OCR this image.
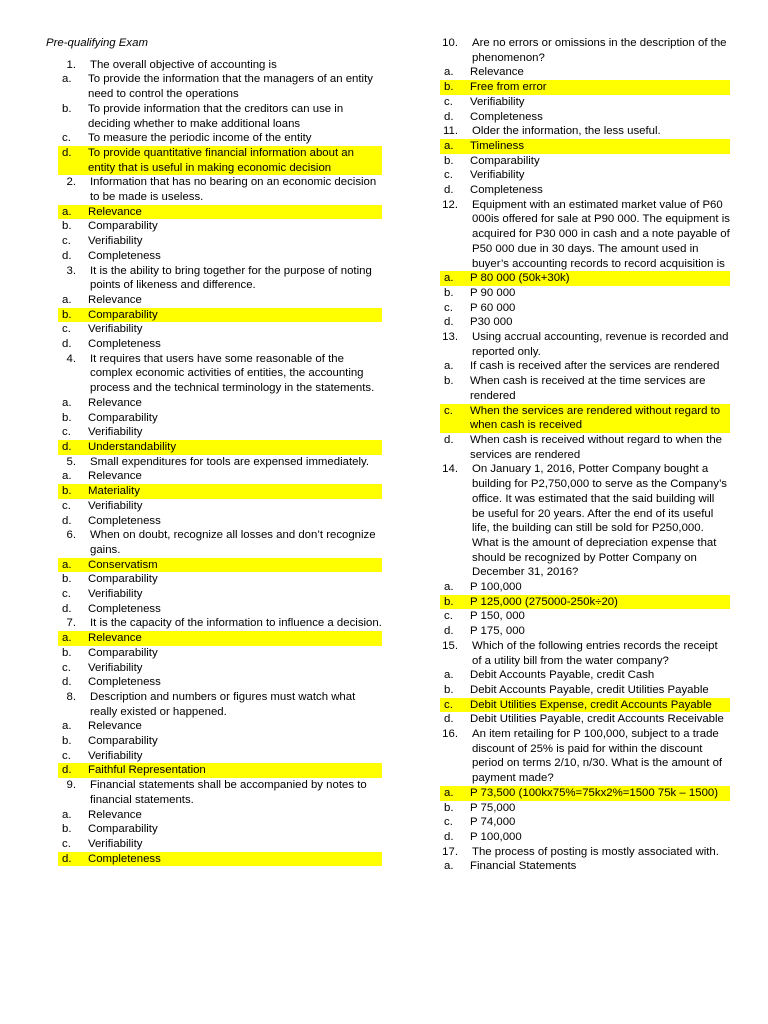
Pre-qualifying Exam
1. The overall objective of accounting is
a. To provide the information that the managers of an entity need to control the operations
b. To provide information that the creditors can use in deciding whether to make additional loans
c. To measure the periodic income of the entity
d. To provide quantitative financial information about an entity that is useful in making economic decision
2. Information that has no bearing on an economic decision to be made is useless.
a. Relevance
b. Comparability
c. Verifiability
d. Completeness
3. It is the ability to bring together for the purpose of noting points of likeness and difference.
a. Relevance
b. Comparability
c. Verifiability
d. Completeness
4. It requires that users have some reasonable of the complex economic activities of entities, the accounting process and the technical terminology in the statements.
a. Relevance
b. Comparability
c. Verifiability
d. Understandability
5. Small expenditures for tools are expensed immediately.
a. Relevance
b. Materiality
c. Verifiability
d. Completeness
6. When on doubt, recognize all losses and don’t recognize gains.
a. Conservatism
b. Comparability
c. Verifiability
d. Completeness
7. It is the capacity of the information to influence a decision.
a. Relevance
b. Comparability
c. Verifiability
d. Completeness
8. Description and numbers or figures must watch what really existed or happened.
a. Relevance
b. Comparability
c. Verifiability
d. Faithful Representation
9. Financial statements shall be accompanied by notes to financial statements.
a. Relevance
b. Comparability
c. Verifiability
d. Completeness
10. Are no errors or omissions in the description of the phenomenon?
a. Relevance
b. Free from error
c. Verifiability
d. Completeness
11. Older the information, the less useful.
a. Timeliness
b. Comparability
c. Verifiability
d. Completeness
12. Equipment with an estimated market value of P60 000is offered for sale at P90 000. The equipment is acquired for P30 000 in cash and a note payable of P50 000 due in 30 days. The amount used in buyer’s accounting records to record acquisition is
a. P 80 000 (50k+30k)
b. P 90 000
c. P 60 000
d. P30 000
13. Using accrual accounting, revenue is recorded and reported only.
a. If cash is received after the services are rendered
b. When cash is received at the time services are rendered
c. When the services are rendered without regard to when cash is received
d. When cash is received without regard to when the services are rendered
14. On January 1, 2016, Potter Company bought a building for P2,750,000 to serve as the Company’s office. It was estimated that the said building will be useful for 20 years. After the end of its useful life, the building can still be sold for P250,000. What is the amount of depreciation expense that should be recognized by Potter Company on December 31, 2016?
a. P 100,000
b. P 125,000 (275000-250k÷20)
c. P 150, 000
d. P 175, 000
15. Which of the following entries records the receipt of a utility bill from the water company?
a. Debit Accounts Payable, credit Cash
b. Debit Accounts Payable, credit Utilities Payable
c. Debit Utilities Expense, credit Accounts Payable
d. Debit Utilities Payable, credit Accounts Receivable
16. An item retailing for P 100,000, subject to a trade discount of 25% is paid for within the discount period on terms 2/10, n/30. What is the amount of payment made?
a. P 73,500 (100kx75%=75kx2%=1500 75k – 1500)
b. P 75,000
c. P 74,000
d. P 100,000
17. The process of posting is mostly associated with.
a. Financial Statements
